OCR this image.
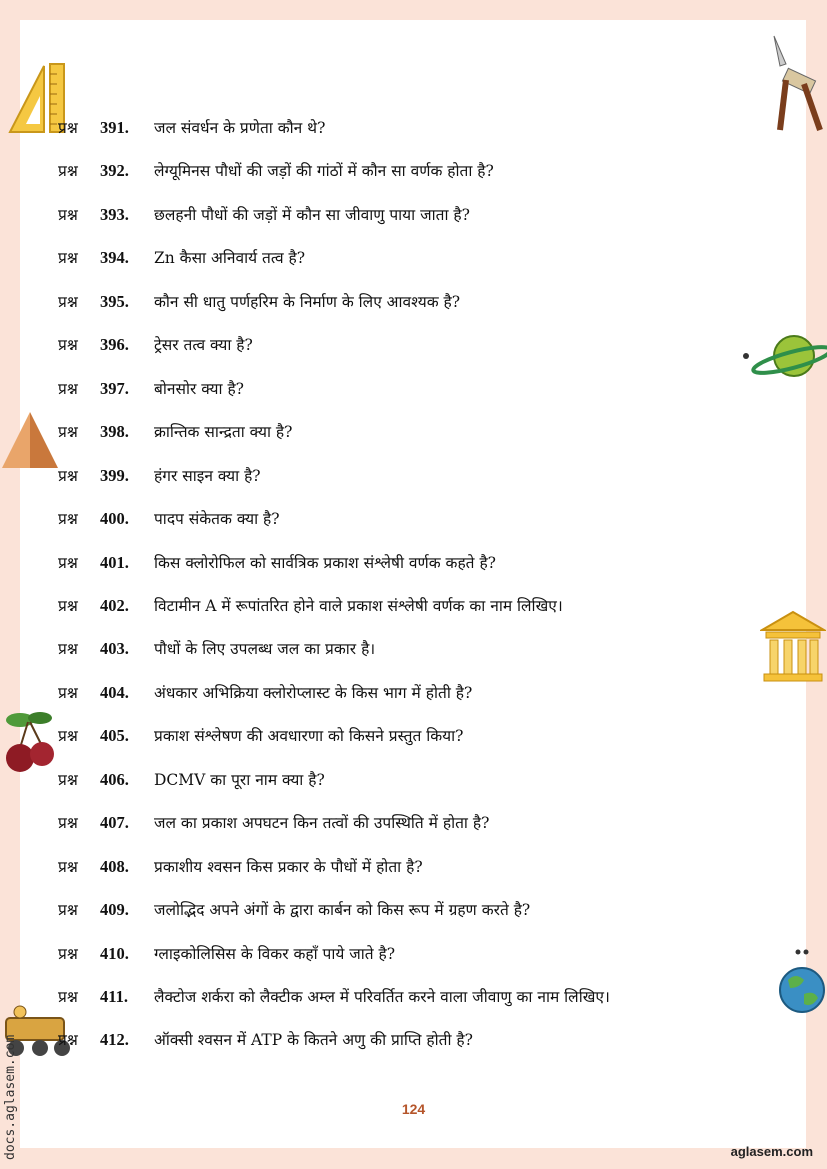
प्रश्न 391. जल संवर्धन के प्रणेता कौन थे?
प्रश्न 392. लेग्यूमिनस पौधों की जड़ों की गांठों में कौन सा वर्णक होता है?
प्रश्न 393. छलहनी पौधों की जड़ों में कौन सा जीवाणु पाया जाता है?
प्रश्न 394. Zn कैसा अनिवार्य तत्व है?
प्रश्न 395. कौन सी धातु पर्णहरिम के निर्माण के लिए आवश्यक है?
प्रश्न 396. ट्रेसर तत्व क्या है?
प्रश्न 397. बोनसोर क्या है?
प्रश्न 398. क्रान्तिक सान्द्रता क्या है?
प्रश्न 399. हंगर साइन क्या है?
प्रश्न 400. पादप संकेतक क्या है?
प्रश्न 401. किस क्लोरोफिल को सार्वत्रिक प्रकाश संश्लेषी वर्णक कहते है?
प्रश्न 402. विटामीन A में रूपांतरित होने वाले प्रकाश संश्लेषी वर्णक का नाम लिखिए।
प्रश्न 403. पौधों के लिए उपलब्ध जल का प्रकार है।
प्रश्न 404. अंधकार अभिक्रिया क्लोरोप्लास्ट के किस भाग में होती है?
प्रश्न 405. प्रकाश संश्लेषण की अवधारणा को किसने प्रस्तुत किया?
प्रश्न 406. DCMV का पूरा नाम क्या है?
प्रश्न 407. जल का प्रकाश अपघटन किन तत्वों की उपस्थिति में होता है?
प्रश्न 408. प्रकाशीय श्वसन किस प्रकार के पौधों में होता है?
प्रश्न 409. जलोद्भिद अपने अंगों के द्वारा कार्बन को किस रूप में ग्रहण करते है?
प्रश्न 410. ग्लाइकोलिसिस के विकर कहाँ पाये जाते है?
प्रश्न 411. लैक्टोज शर्करा को लैक्टीक अम्ल में परिवर्तित करने वाला जीवाणु का नाम लिखिए।
प्रश्न 412. ऑक्सी श्वसन में ATP के कितने अणु की प्राप्ति होती है?
124
docs.aglasem.com	aglasem.com
